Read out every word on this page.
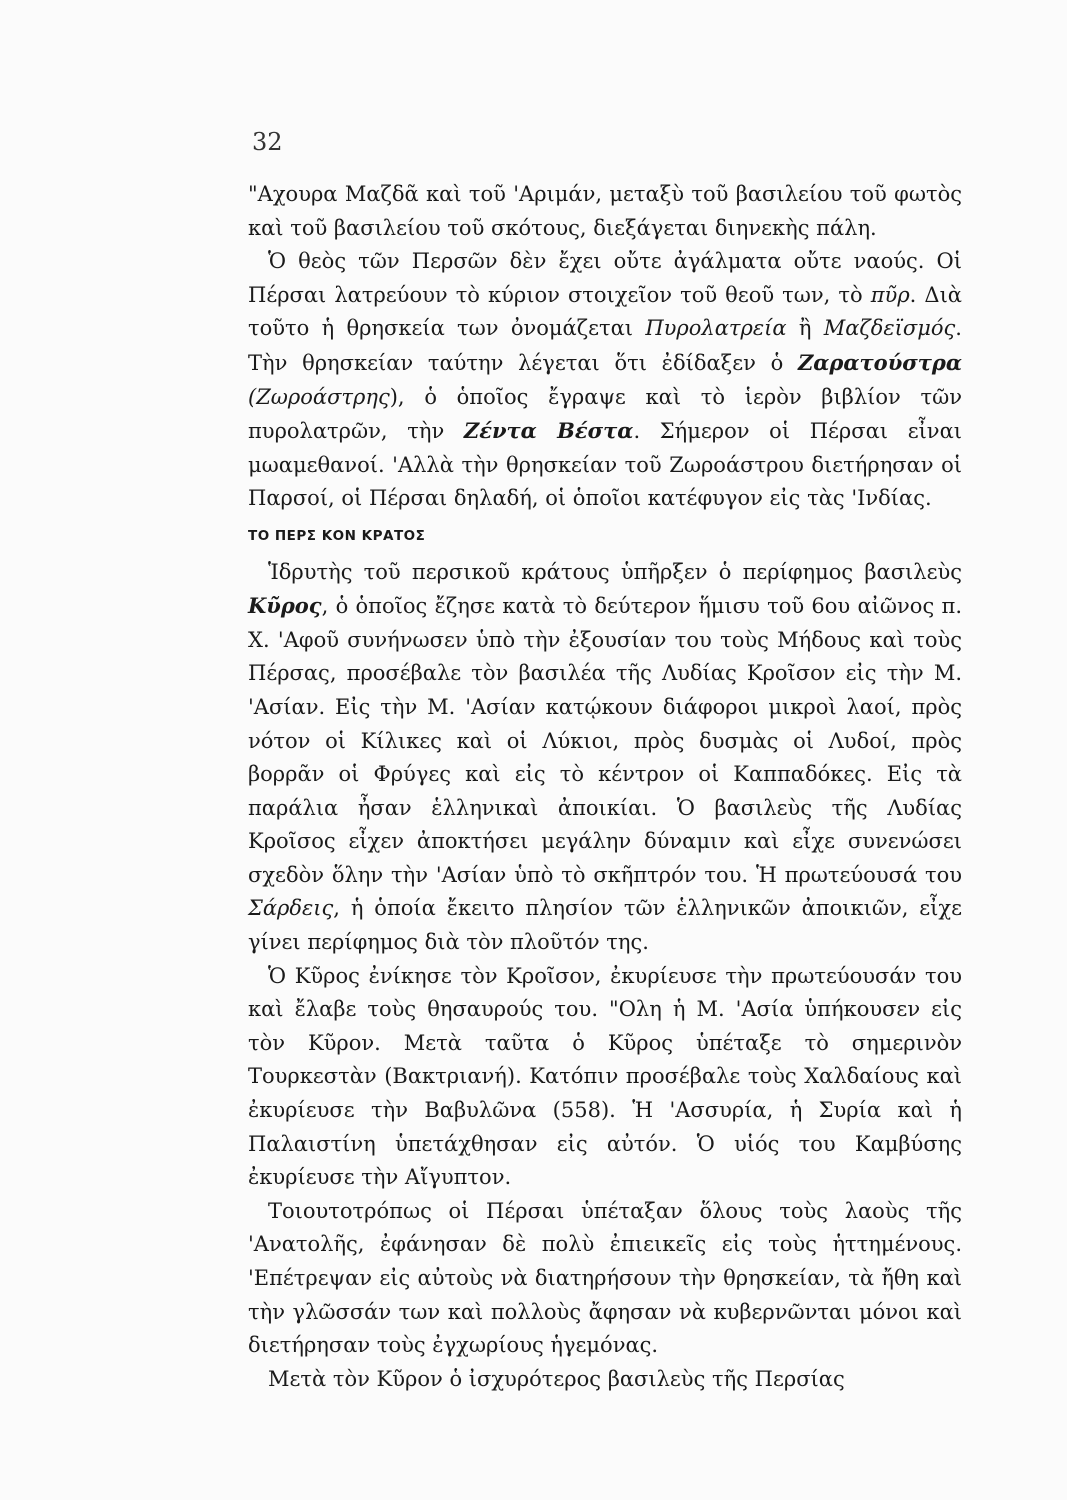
32

"Αχουρα Μαζδᾶ καὶ τοῦ 'Αριμάν, μεταξὺ τοῦ βασιλείου τοῦ φωτὸς καὶ τοῦ βασιλείου τοῦ σκότους, διεξάγεται διηνεκὴς πάλη.

Ὁ θεὸς τῶν Περσῶν δὲν ἔχει οὔτε ἀγάλματα οὔτε ναούς. Οἱ Πέρσαι λατρεύουν τὸ κύριον στοιχεῖον τοῦ θεοῦ των, τὸ πῦρ. Διὰ τοῦτο ἡ θρησκεία των ὀνομάζεται Πυρολατρεία ἢ Μαζδεϊσμός. Τὴν θρησκείαν ταύτην λέγεται ὅτι ἐδίδαξεν ὁ Ζαρατούστρα (Ζωροάστρης), ὁ ὁποῖος ἔγραψε καὶ τὸ ἱερὸν βιβλίον τῶν πυρολατρῶν, τὴν Ζέντα Βέστα. Σήμερον οἱ Πέρσαι εἶναι μωαμεθανοί. 'Αλλὰ τὴν θρησκείαν τοῦ Ζωροάστρου διετήρησαν οἱ Παρσοί, οἱ Πέρσαι δηλαδή, οἱ ὁποῖοι κατέφυγον εἰς τὰς 'Ινδίας.

ΤΟ ΠΕΡΣ ΚΟΝ ΚΡΑΤΟΣ

Ἱδρυτὴς τοῦ περσικοῦ κράτους ὑπῆρξεν ὁ περίφημος βασιλεὺς Κῦρος, ὁ ὁποῖος ἔζησε κατὰ τὸ δεύτερον ἥμισυ τοῦ 6ου αἰῶνος π. Χ. 'Αφοῦ συνήνωσεν ὑπὸ τὴν ἐξουσίαν του τοὺς Μήδους καὶ τοὺς Πέρσας, προσέβαλε τὸν βασιλέα τῆς Λυδίας Κροῖσον εἰς τὴν Μ. 'Ασίαν. Εἰς τὴν Μ. 'Ασίαν κατῴκουν διάφοροι μικροὶ λαοί, πρὸς νότον οἱ Κίλικες καὶ οἱ Λύκιοι, πρὸς δυσμὰς οἱ Λυδοί, πρὸς βορρᾶν οἱ Φρύγες καὶ εἰς τὸ κέντρον οἱ Καππαδόκες. Εἰς τὰ παράλια ἦσαν ἑλληνικαὶ ἀποικίαι. Ὁ βασιλεὺς τῆς Λυδίας Κροῖσος εἶχεν ἀποκτήσει μεγάλην δύναμιν καὶ εἶχε συνενώσει σχεδὸν ὅλην τὴν 'Ασίαν ὑπὸ τὸ σκῆπτρόν του. Ἡ πρωτεύουσά του Σάρδεις, ἡ ὁποία ἔκειτο πλησίον τῶν ἑλληνικῶν ἀποικιῶν, εἶχε γίνει περίφημος διὰ τὸν πλοῦτόν της.

Ὁ Κῦρος ἐνίκησε τὸν Κροῖσον, ἐκυρίευσε τὴν πρωτεύουσάν του καὶ ἔλαβε τοὺς θησαυρούς του. "Ολη ἡ Μ. 'Ασία ὑπήκουσεν εἰς τὸν Κῦρον. Μετὰ ταῦτα ὁ Κῦρος ὑπέταξε τὸ σημερινὸν Τουρκεστὰν (Βακτριανή). Κατόπιν προσέβαλε τοὺς Χαλδαίους καὶ ἐκυρίευσε τὴν Βαβυλῶνα (558). Ἡ 'Ασσυρία, ἡ Συρία καὶ ἡ Παλαιστίνη ὑπετάχθησαν εἰς αὐτόν. Ὁ υἱός του Καμβύσης ἐκυρίευσε τὴν Αἴγυπτον.

Τοιουτοτρόπως οἱ Πέρσαι ὑπέταξαν ὅλους τοὺς λαοὺς τῆς 'Ανατολῆς, ἐφάνησαν δὲ πολὺ ἐπιεικεῖς εἰς τοὺς ἡττημένους. 'Επέτρεψαν εἰς αὐτοὺς νὰ διατηρήσουν τὴν θρησκείαν, τὰ ἤθη καὶ τὴν γλῶσσάν των καὶ πολλοὺς ἄφησαν νὰ κυβερνῶνται μόνοι καὶ διετήρησαν τοὺς ἐγχωρίους ἡγεμόνας.

Μετὰ τὸν Κῦρον ὁ ἰσχυρότερος βασιλεὺς τῆς Περσίας
